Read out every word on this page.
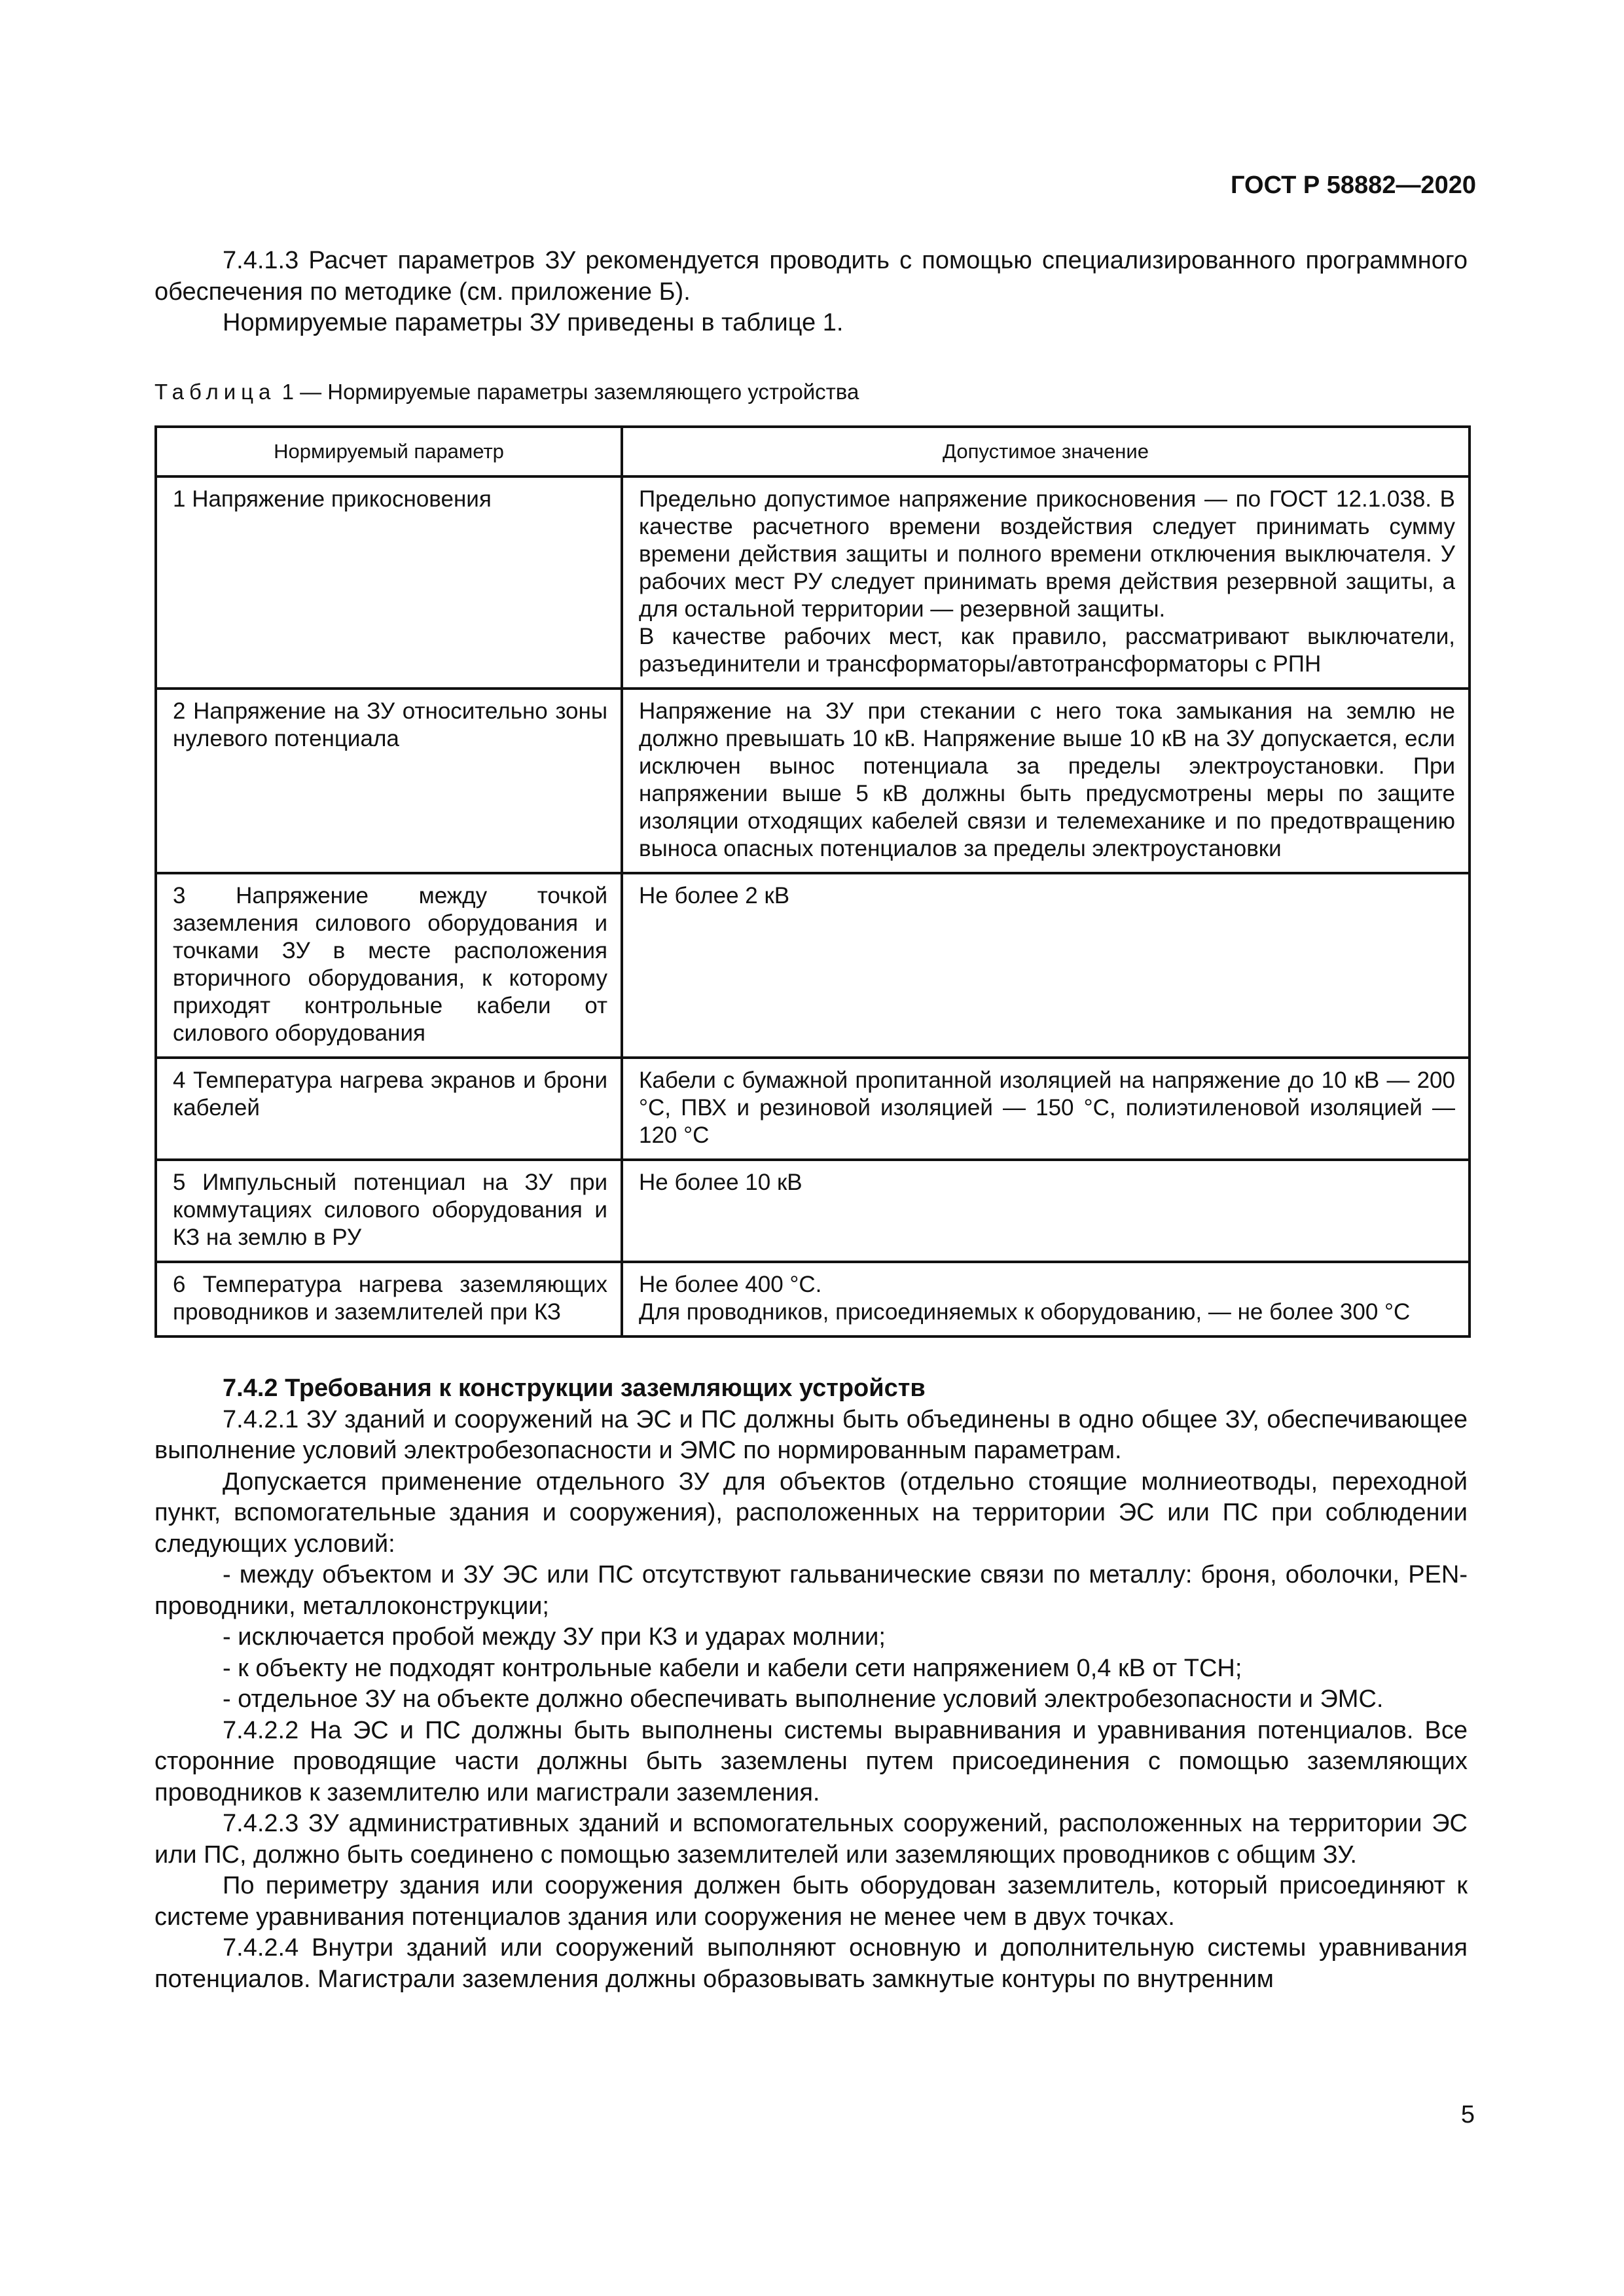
ГОСТ Р 58882—2020

7.4.1.3 Расчет параметров ЗУ рекомендуется проводить с помощью специализированного программного обеспечения по методике (см. приложение Б).

Нормируемые параметры ЗУ приведены в таблице 1.

Таблица 1 — Нормируемые параметры заземляющего устройства
Нормируемый параметр	Допустимое значение
1 Напряжение прикосновения	Предельно допустимое напряжение прикосновения — по ГОСТ 12.1.038. В качестве расчетного времени воздействия следует принимать сумму времени действия защиты и полного времени отключения выключателя. У рабочих мест РУ следует принимать время действия резервной защиты, а для остальной территории — резервной защиты.
В качестве рабочих мест, как правило, рассматривают выключатели, разъединители и трансформаторы/автотрансформаторы с РПН

2 Напряжение на ЗУ относительно зоны нулевого потенциала	Напряжение на ЗУ при стекании с него тока замыкания на землю не должно превышать 10 кВ. Напряжение выше 10 кВ на ЗУ допускается, если исключен вынос потенциала за пределы электроустановки. При напряжении выше 5 кВ должны быть предусмотрены меры по защите изоляции отходящих кабелей связи и телемеханике и по предотвращению выноса опасных потенциалов за пределы электроустановки

3 Напряжение между точкой заземления силового оборудования и точками ЗУ в месте расположения вторичного оборудования, к которому приходят контрольные кабели от силового оборудования	Не более 2 кВ

4 Температура нагрева экранов и брони кабелей	Кабели с бумажной пропитанной изоляцией на напряжение до 10 кВ — 200 °С, ПВХ и резиновой изоляцией — 150 °С, полиэтиленовой изоляцией — 120 °С

5 Импульсный потенциал на ЗУ при коммутациях силового оборудования и КЗ на землю в РУ	Не более 10 кВ

6 Температура нагрева заземляющих проводников и заземлителей при КЗ	Не более 400 °С.
Для проводников, присоединяемых к оборудованию, — не более 300 °С

7.4.2 Требования к конструкции заземляющих устройств

7.4.2.1 ЗУ зданий и сооружений на ЭС и ПС должны быть объединены в одно общее ЗУ, обеспечивающее выполнение условий электробезопасности и ЭМС по нормированным параметрам.

Допускается применение отдельного ЗУ для объектов (отдельно стоящие молниеотводы, переходной пункт, вспомогательные здания и сооружения), расположенных на территории ЭС или ПС при соблюдении следующих условий:

- между объектом и ЗУ ЭС или ПС отсутствуют гальванические связи по металлу: броня, оболочки, PEN-проводники, металлоконструкции;
- исключается пробой между ЗУ при КЗ и ударах молнии;
- к объекту не подходят контрольные кабели и кабели сети напряжением 0,4 кВ от ТСН;
- отдельное ЗУ на объекте должно обеспечивать выполнение условий электробезопасности и ЭМС.

7.4.2.2 На ЭС и ПС должны быть выполнены системы выравнивания и уравнивания потенциалов. Все сторонние проводящие части должны быть заземлены путем присоединения с помощью заземляющих проводников к заземлителю или магистрали заземления.

7.4.2.3 ЗУ административных зданий и вспомогательных сооружений, расположенных на территории ЭС или ПС, должно быть соединено с помощью заземлителей или заземляющих проводников с общим ЗУ.

По периметру здания или сооружения должен быть оборудован заземлитель, который присоединяют к системе уравнивания потенциалов здания или сооружения не менее чем в двух точках.

7.4.2.4 Внутри зданий или сооружений выполняют основную и дополнительную системы уравнивания потенциалов. Магистрали заземления должны образовывать замкнутые контуры по внутренним

5
